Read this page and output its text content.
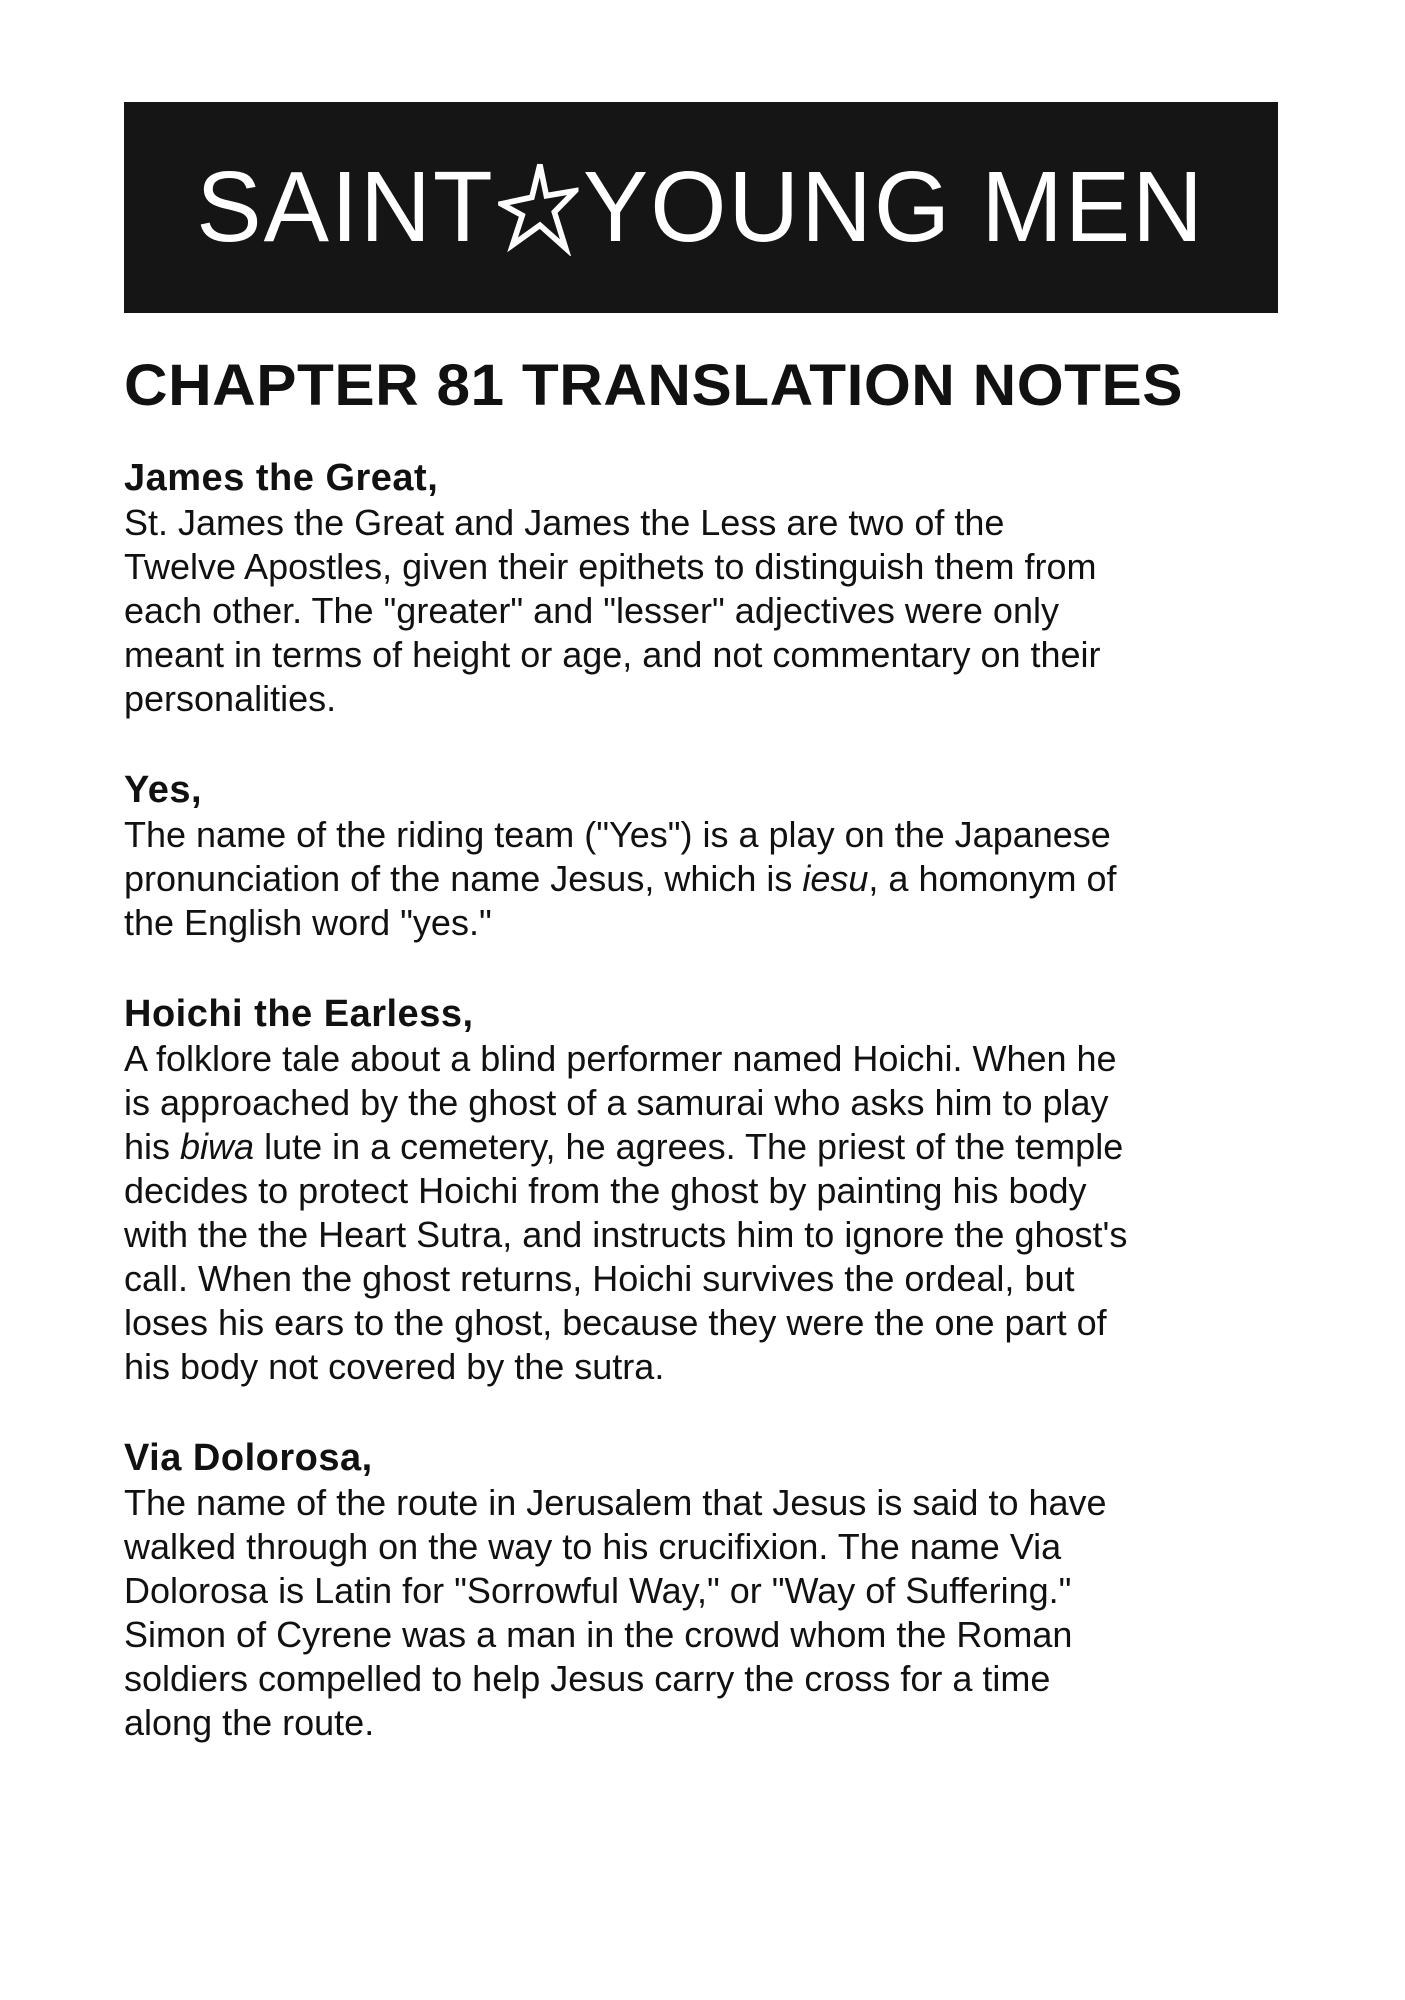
SAINT YOUNG MEN
CHAPTER 81 TRANSLATION NOTES
James the Great,
St. James the Great and James the Less are two of the
Twelve Apostles, given their epithets to distinguish them from
each other. The "greater" and "lesser" adjectives were only
meant in terms of height or age, and not commentary on their
personalities.
Yes,
The name of the riding team ("Yes") is a play on the Japanese
pronunciation of the name Jesus, which is iesu, a homonym of
the English word "yes."
Hoichi the Earless,
A folklore tale about a blind performer named Hoichi. When he
is approached by the ghost of a samurai who asks him to play
his biwa lute in a cemetery, he agrees. The priest of the temple
decides to protect Hoichi from the ghost by painting his body
with the the Heart Sutra, and instructs him to ignore the ghost's
call. When the ghost returns, Hoichi survives the ordeal, but
loses his ears to the ghost, because they were the one part of
his body not covered by the sutra.
Via Dolorosa,
The name of the route in Jerusalem that Jesus is said to have
walked through on the way to his crucifixion. The name Via
Dolorosa is Latin for "Sorrowful Way," or "Way of Suffering."
Simon of Cyrene was a man in the crowd whom the Roman
soldiers compelled to help Jesus carry the cross for a time
along the route.
